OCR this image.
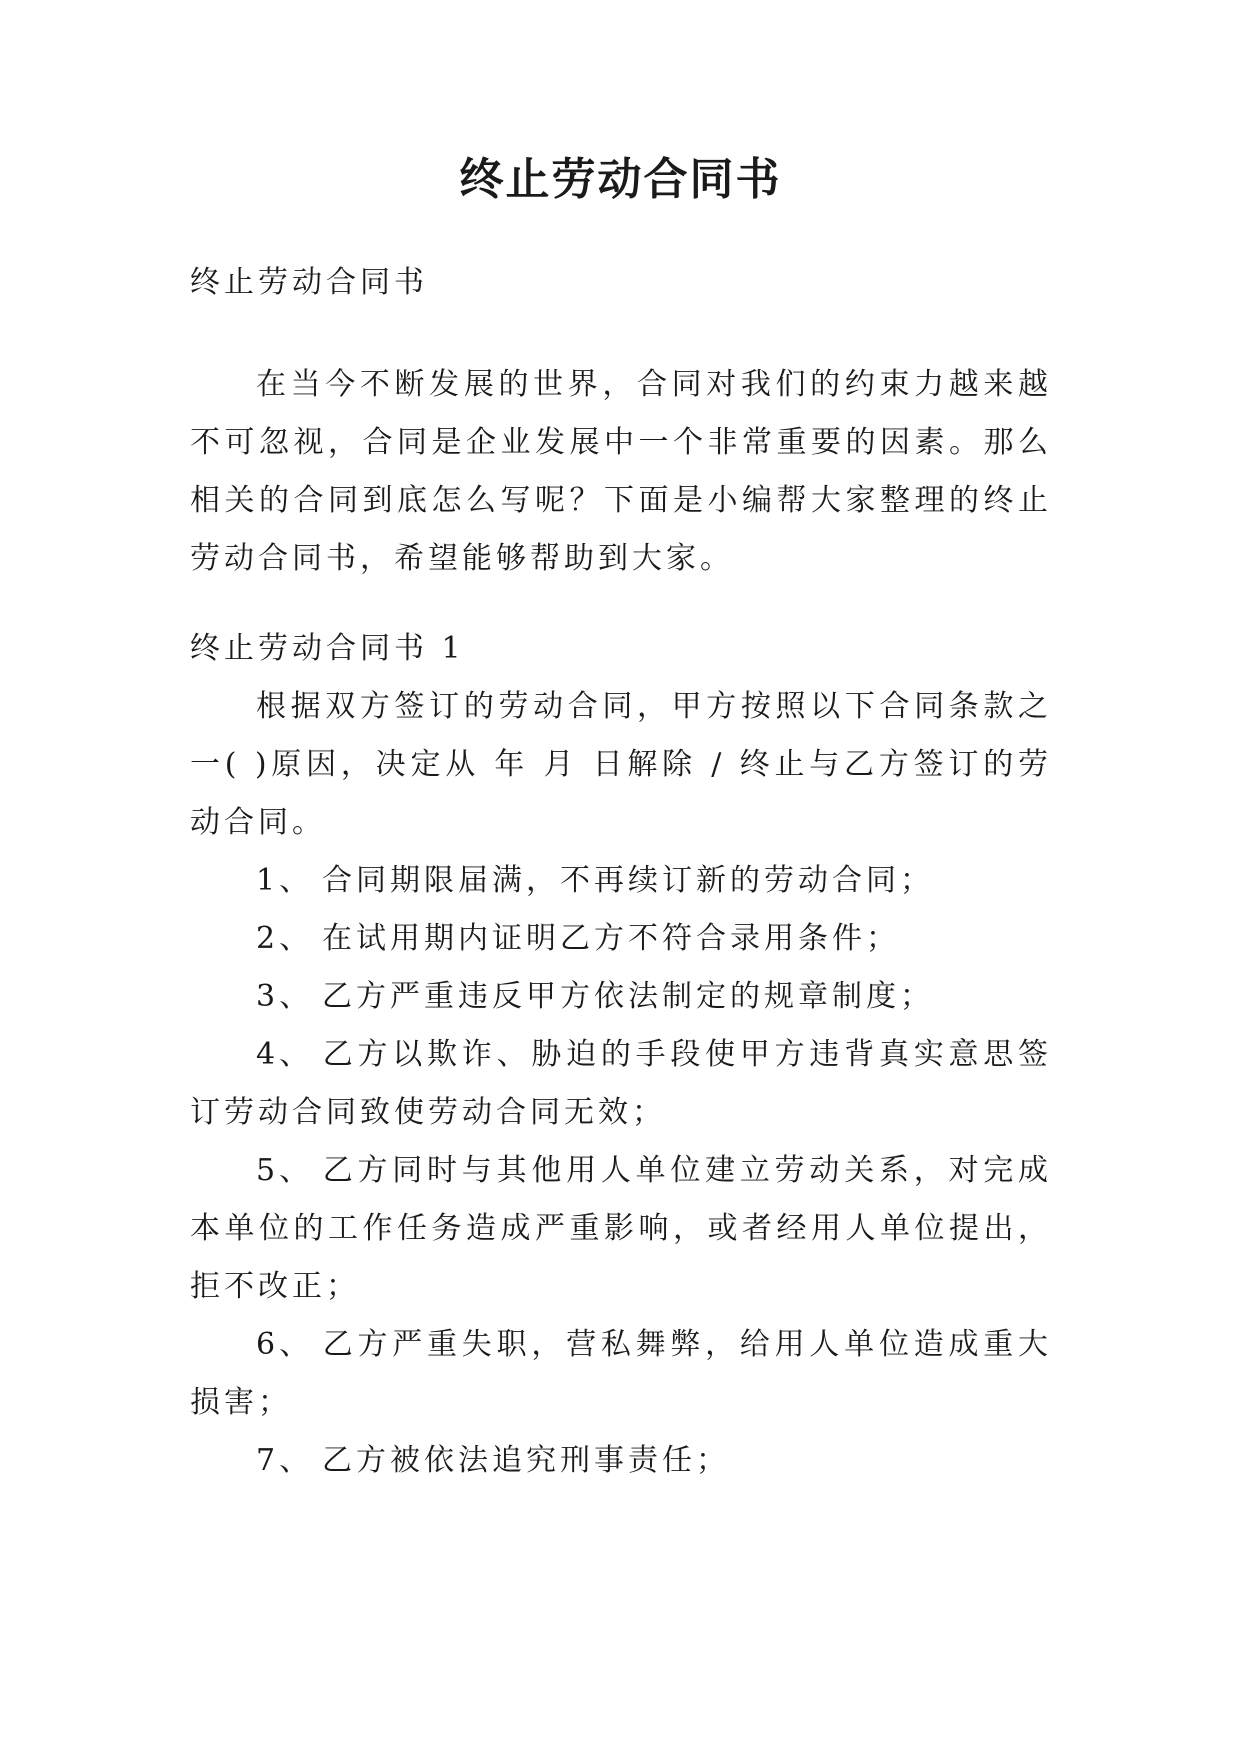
终止劳动合同书

终止劳动合同书

在当今不断发展的世界，合同对我们的约束力越来越不可忽视，合同是企业发展中一个非常重要的因素。那么相关的合同到底怎么写呢？下面是小编帮大家整理的终止劳动合同书，希望能够帮助到大家。

终止劳动合同书 1

根据双方签订的劳动合同，甲方按照以下合同条款之一( )原因，决定从 年 月 日解除 / 终止与乙方签订的劳动合同。

1、 合同期限届满，不再续订新的劳动合同；

2、 在试用期内证明乙方不符合录用条件；

3、 乙方严重违反甲方依法制定的规章制度；

4、 乙方以欺诈、胁迫的手段使甲方违背真实意思签订劳动合同致使劳动合同无效；

5、 乙方同时与其他用人单位建立劳动关系，对完成本单位的工作任务造成严重影响，或者经用人单位提出，拒不改正；

6、 乙方严重失职，营私舞弊，给用人单位造成重大损害；

7、 乙方被依法追究刑事责任；
